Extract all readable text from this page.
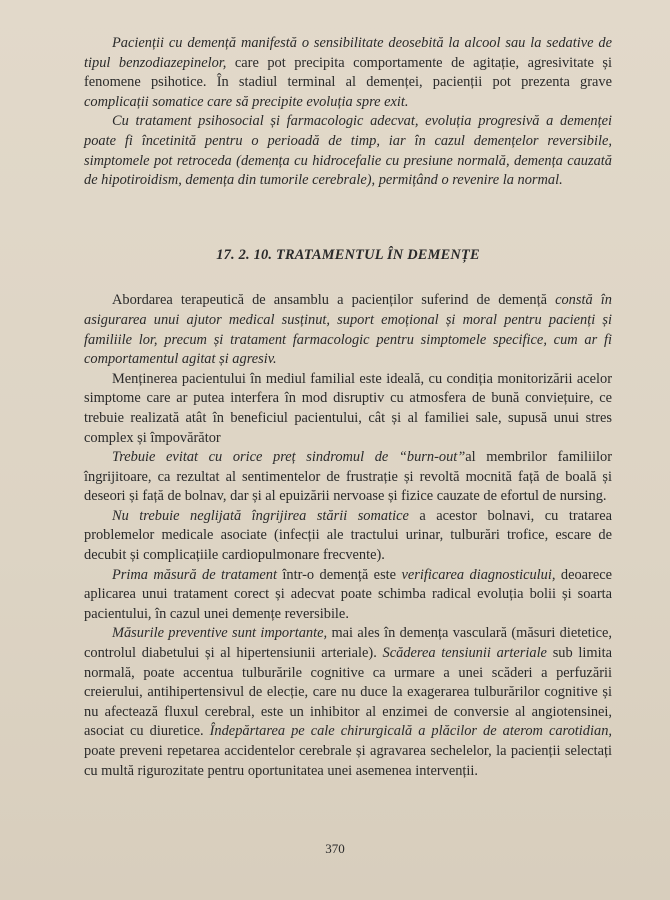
Pacienții cu demență manifestă o sensibilitate deosebită la alcool sau la sedative de tipul benzodiazepinelor, care pot precipita comportamente de agitație, agresivitate și fenomene psihotice. În stadiul terminal al demenței, pacienții pot prezenta grave complicații somatice care să precipite evoluția spre exit.

Cu tratament psihosocial și farmacologic adecvat, evoluția progresivă a demenței poate fi încetinită pentru o perioadă de timp, iar în cazul demențelor reversibile, simptomele pot retroceda (demența cu hidrocefalie cu presiune normală, demența cauzată de hipotiroidism, demența din tumorile cerebrale), permițând o revenire la normal.

17. 2. 10. TRATAMENTUL ÎN DEMENȚE

Abordarea terapeutică de ansamblu a pacienților suferind de demență constă în asigurarea unui ajutor medical susținut, suport emoțional și moral pentru pacienți și familiile lor, precum și tratament farmacologic pentru simptomele specifice, cum ar fi comportamentul agitat și agresiv.

Menținerea pacientului în mediul familial este ideală, cu condiția monitorizării acelor simptome care ar putea interfera în mod disruptiv cu atmosfera de bună conviețuire, ce trebuie realizată atât în beneficiul pacientului, cât și al familiei sale, supusă unui stres complex și împovărător

Trebuie evitat cu orice preț sindromul de “burn-out”al membrilor familiilor îngrijitoare, ca rezultat al sentimentelor de frustrație și revoltă mocnită față de boală și deseori și față de bolnav, dar și al epuizării nervoase și fizice cauzate de efortul de nursing.

Nu trebuie neglijată îngrijirea stării somatice a acestor bolnavi, cu tratarea problemelor medicale asociate (infecții ale tractului urinar, tulburări trofice, escare de decubit și complicațiile cardiopulmonare frecvente).

Prima măsură de tratament într-o demență este verificarea diagnosticului, deoarece aplicarea unui tratament corect și adecvat poate schimba radical evoluția bolii și soarta pacientului, în cazul unei demențe reversibile.

Măsurile preventive sunt importante, mai ales în demența vasculară (măsuri dietetice, controlul diabetului și al hipertensiunii arteriale). Scăderea tensiunii arteriale sub limita normală, poate accentua tulburările cognitive ca urmare a unei scăderi a perfuzării creierului, antihipertensivul de elecție, care nu duce la exagerarea tulburărilor cognitive și nu afectează fluxul cerebral, este un inhibitor al enzimei de conversie al angiotensinei, asociat cu diuretice. Îndepărtarea pe cale chirurgicală a plăcilor de aterom carotidian, poate preveni repetarea accidentelor cerebrale și agravarea sechelelor, la pacienții selectați cu multă rigurozitate pentru oportunitatea unei asemenea intervenții.

370
